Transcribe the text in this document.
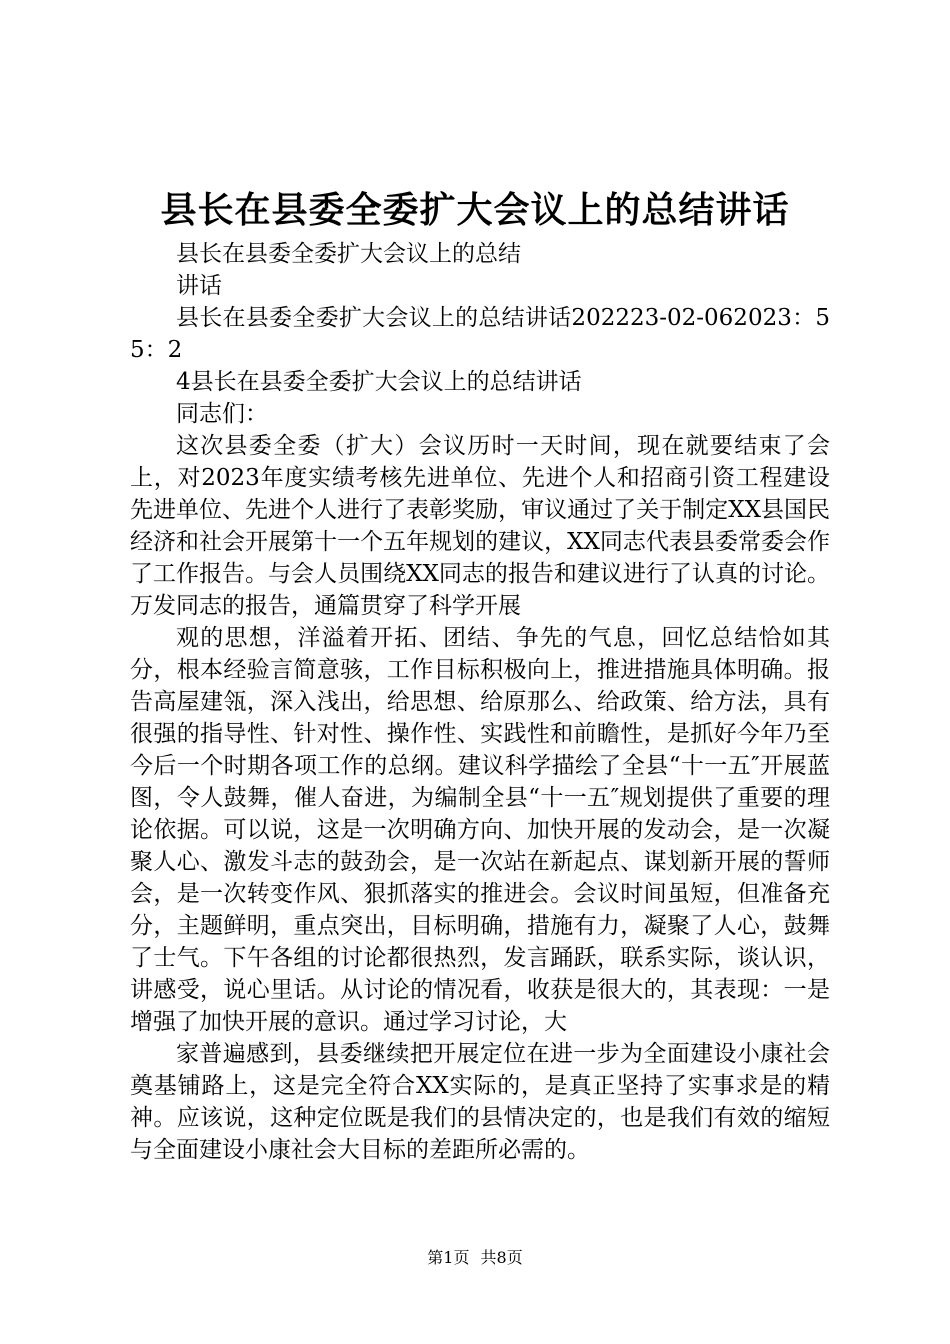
县长在县委全委扩大会议上的总结讲话

县长在县委全委扩大会议上的总结

讲话

县长在县委全委扩大会议上的总结讲话202223-02-062023：55：2

4县长在县委全委扩大会议上的总结讲话

同志们：

这次县委全委（扩大）会议历时一天时间，现在就要结束了会上，对2023年度实绩考核先进单位、先进个人和招商引资工程建设先进单位、先进个人进行了表彰奖励，审议通过了关于制定XX县国民经济和社会开展第十一个五年规划的建议，XX同志代表县委常委会作了工作报告。与会人员围绕XX同志的报告和建议进行了认真的讨论。万发同志的报告，通篇贯穿了科学开展

观的思想，洋溢着开拓、团结、争先的气息，回忆总结恰如其分，根本经验言简意骇，工作目标积极向上，推进措施具体明确。报告高屋建瓴，深入浅出，给思想、给原那么、给政策、给方法，具有很强的指导性、针对性、操作性、实践性和前瞻性，是抓好今年乃至今后一个时期各项工作的总纲。建议科学描绘了全县“十一五″开展蓝图，令人鼓舞，催人奋进，为编制全县“十一五″规划提供了重要的理论依据。可以说，这是一次明确方向、加快开展的发动会，是一次凝聚人心、激发斗志的鼓劲会，是一次站在新起点、谋划新开展的誓师会，是一次转变作风、狠抓落实的推进会。会议时间虽短，但准备充分，主题鲜明，重点突出，目标明确，措施有力，凝聚了人心，鼓舞了士气。下午各组的讨论都很热烈，发言踊跃，联系实际，谈认识，讲感受，说心里话。从讨论的情况看，收获是很大的，其表现：一是增强了加快开展的意识。通过学习讨论，大

家普遍感到，县委继续把开展定位在进一步为全面建设小康社会奠基铺路上，这是完全符合XX实际的，是真正坚持了实事求是的精神。应该说，这种定位既是我们的县情决定的，也是我们有效的缩短与全面建设小康社会大目标的差距所必需的。

第1页 共8页
